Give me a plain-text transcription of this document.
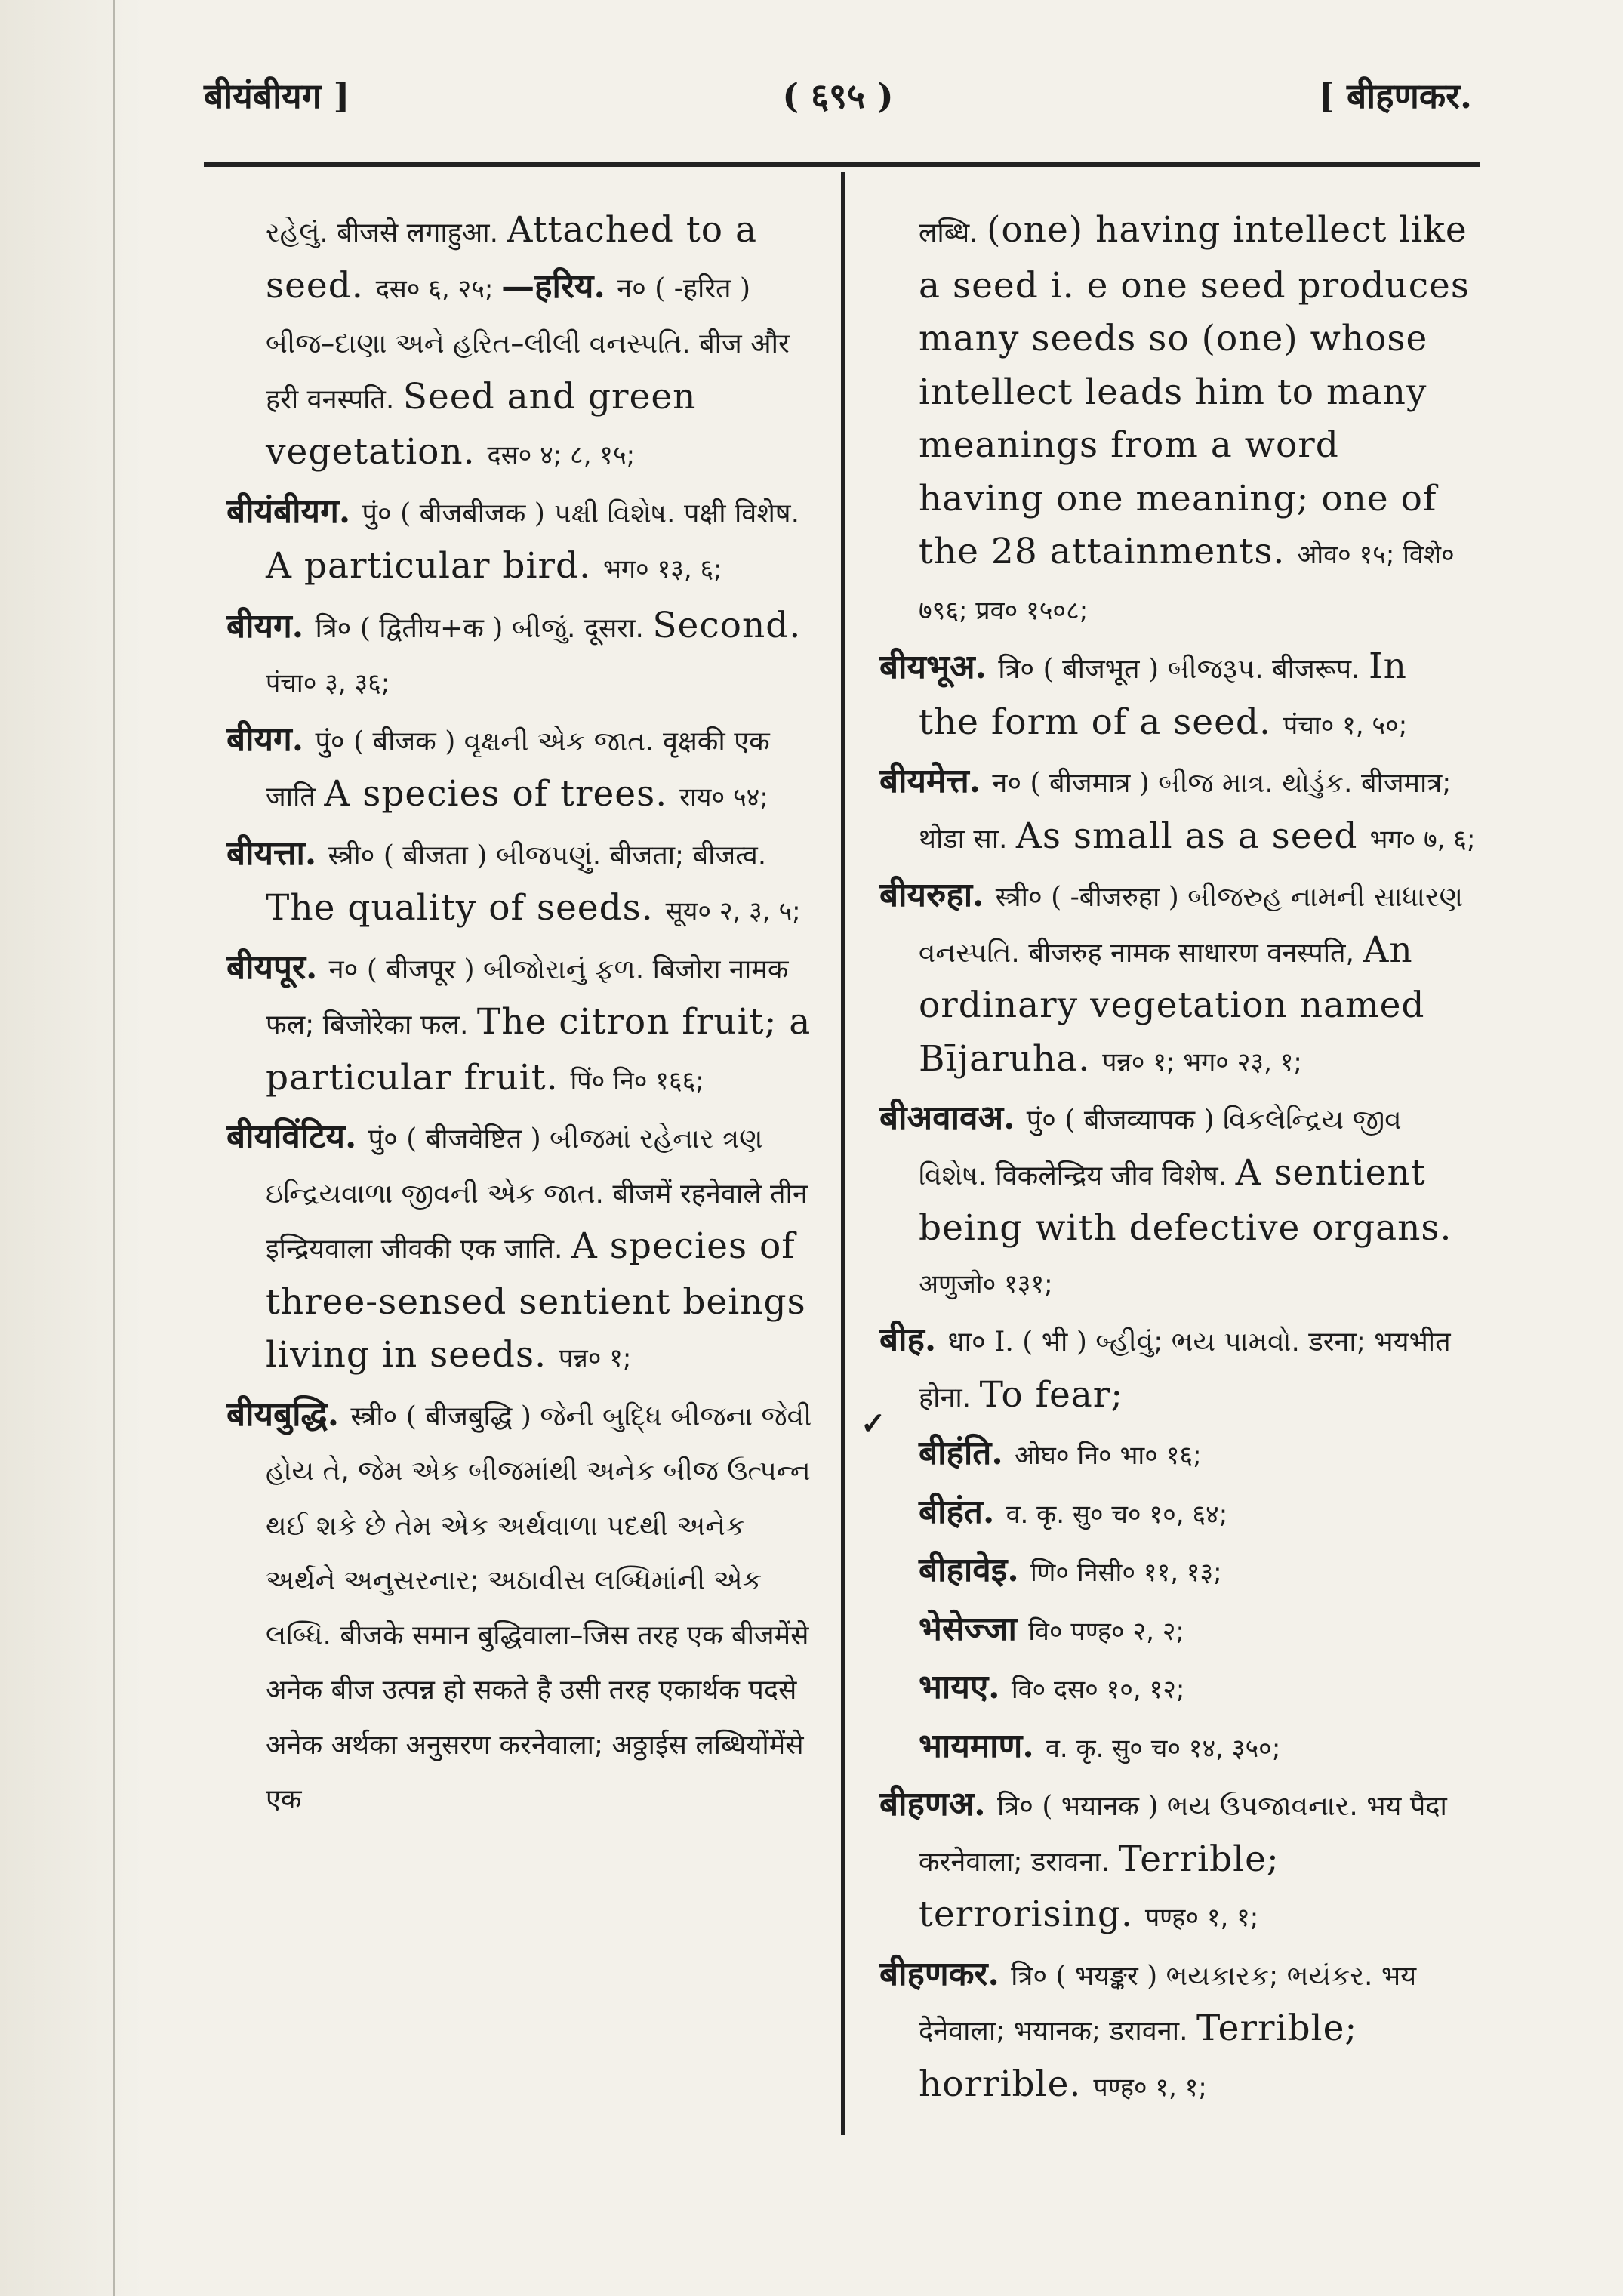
बीयंबीयग ]	( ६९५ )	[ बीहणकर.
✓
રહેલું. बीजसे लगाहुआ. Attached to a seed. दस० ६, २५; —हरिय. न० ( -हरित ) બીજ–દાણા અને હરિત–લીલી વનસ્પતિ. बीज और हरी वनस्पति. Seed and green vegetation. दस० ४; ८, १५;
बीयंबीयग. पुं० ( बीजबीजक ) પક્ષી વિશેષ. पक्षी विशेष. A particular bird. भग० १३, ६;
बीयग. त्रि० ( द्वितीय+क ) બીજું. दूसरा. Second. पंचा० ३, ३६;
बीयग. पुं० ( बीजक ) વૃક્ષની એક જાત. वृक्षकी एक जाति A species of trees. राय० ५४;
बीयत्ता. स्त्री० ( बीजता ) બીજપણું. बीजता; बीजत्व. The quality of seeds. सूय० २, ३, ५;
बीयपूर. न० ( बीजपूर ) બીજોરાનું ફળ. बिजोरा नामक फल; बिजोरेका फल. The citron fruit; a particular fruit. पिं० नि० १६६;
बीयविंटिय. पुं० ( बीजवेष्टित ) બીજમાં રહેનાર ત્રણ ઇન્દ્રિયવાળા જીવની એક જાત. बीजमें रहनेवाले तीन इन्द्रियवाला जीवकी एक जाति. A species of three-sensed sentient beings living in seeds. पन्न० १;
बीयबुद्धि. स्त्री० ( बीजबुद्धि ) જેની બુદ્ધિ બીજના જેવી હોય તે, જેમ એક બીજમાંથી અનેક બીજ ઉત્પન્ન થઈ શકે છે તેમ એક અર્થવાળા પદથી અનેક અર્થને અનુસરનાર; અઠાવીસ લબ્ધિમાંની એક લબ્ધિ. बीजके समान बुद्धिवाला–जिस तरह एक बीजमेंसे अनेक बीज उत्पन्न हो सकते है उसी तरह एकार्थक पदसे अनेक अर्थका अनुसरण करनेवाला; अठ्ठाईस लब्धियोंमेंसे एक
लब्धि. (one) having intellect like a seed i. e one seed produces many seeds so (one) whose intellect leads him to many meanings from a word having one meaning; one of the 28 attainments. ओव० १५; विशे० ७९६; प्रव० १५०८;
बीयभूअ. त्रि० ( बीजभूत ) બીજરૂપ. बीजरूप. In the form of a seed. पंचा० १, ५०;
बीयमेत्त. न० ( बीजमात्र ) બીજ માત્ર. થોડુંક. बीजमात्र; थोडा सा. As small as a seed भग० ७, ६;
बीयरुहा. स्त्री० ( -बीजरुहा ) બીજરુહ નામની સાધારણ વનસ્પતિ. बीजरुह नामक साधारण वनस्पति, An ordinary vegetation named Bījaruha. पन्न० १; भग० २३, १;
बीअवावअ. पुं० ( बीजव्यापक ) વિકલેન્દ્રિય જીવ વિશેષ. विकलेन्द्रिय जीव विशेष. A sentient being with defective organs. अणुजो० १३१;
बीह. धा० I. ( भी ) બ્હીવું; ભય પામવો. डरना; भयभीत होना. To fear;
बीहंति. ओघ० नि० भा० १६;
बीहंत. व. कृ. सु० च० १०, ६४;
बीहावेइ. णि० निसी० ११, १३;
भेसेज्जा वि० पण्ह० २, २;
भायए. वि० दस० १०, १२;
भायमाण. व. कृ. सु० च० १४, ३५०;
बीहणअ. त्रि० ( भयानक ) ભય ઉપજાવનાર. भय पैदा करनेवाला; डरावना. Terrible; terrorising. पण्ह० १, १;
बीहणकर. त्रि० ( भयङ्कर ) ભયકારક; ભયંકર. भय देनेवाला; भयानक; डरावना. Terrible; horrible. पण्ह० १, १;
